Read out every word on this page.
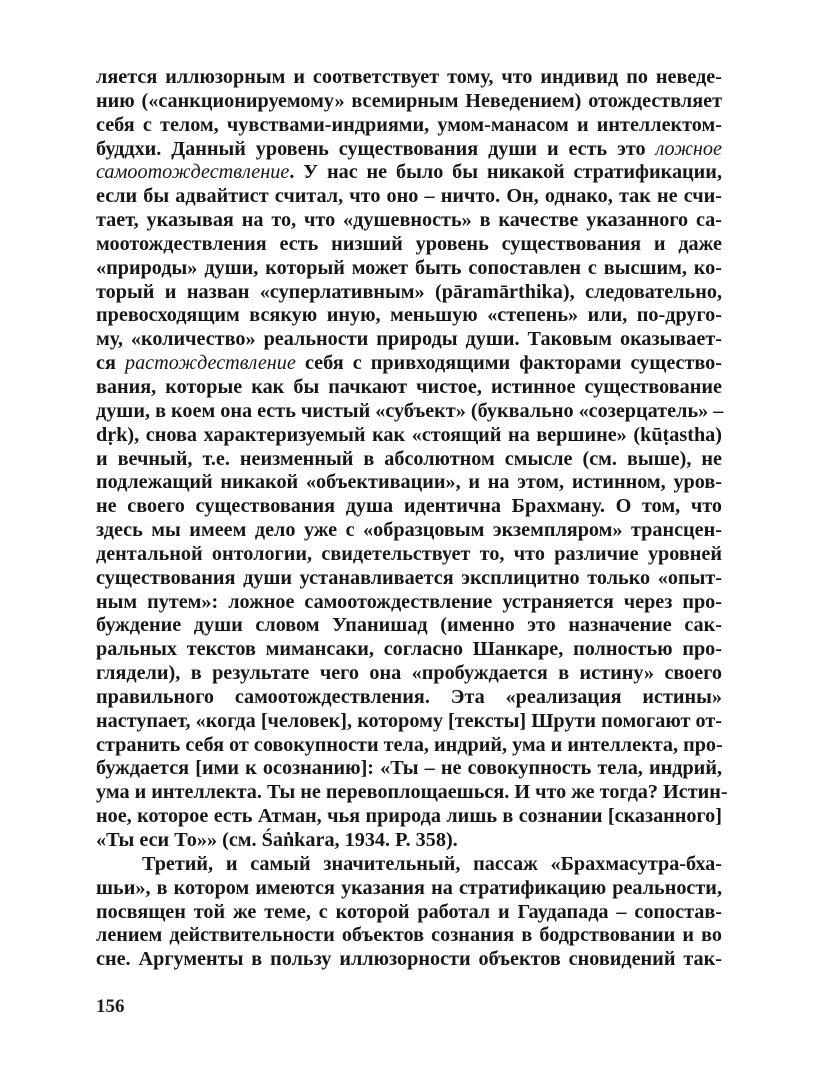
ляется иллюзорным и соответствует тому, что индивид по неведе-
нию («санкционируемому» всемирным Неведением) отождествляет
себя с телом, чувствами-индриями, умом-манасом и интеллектом-
буддхи. Данный уровень существования души и есть это ложное
самоотождествление. У нас не было бы никакой стратификации,
если бы адвайтист считал, что оно – ничто. Он, однако, так не счи-
тает, указывая на то, что «душевность» в качестве указанного са-
моотождествления есть низший уровень существования и даже
«природы» души, который может быть сопоставлен с высшим, ко-
торый и назван «суперлативным» (pāramārthika), следовательно,
превосходящим всякую иную, меньшую «степень» или, по-друго-
му, «количество» реальности природы души. Таковым оказывает-
ся растождествление себя с привходящими факторами существо-
вания, которые как бы пачкают чистое, истинное существование
души, в коем она есть чистый «субъект» (буквально «созерцатель» –
dṛk), снова характеризуемый как «стоящий на вершине» (kūṭastha)
и вечный, т.е. неизменный в абсолютном смысле (см. выше), не
подлежащий никакой «объективации», и на этом, истинном, уров-
не своего существования душа идентична Брахману. О том, что
здесь мы имеем дело уже с «образцовым экземпляром» трансцен-
дентальной онтологии, свидетельствует то, что различие уровней
существования души устанавливается эксплицитно только «опыт-
ным путем»: ложное самоотождествление устраняется через про-
буждение души словом Упанишад (именно это назначение сак-
ральных текстов мимансаки, согласно Шанкаре, полностью про-
глядели), в результате чего она «пробуждается в истину» своего
правильного самоотождествления. Эта «реализация истины»
наступает, «когда [человек], которому [тексты] Шрути помогают от-
странить себя от совокупности тела, индрий, ума и интеллекта, про-
буждается [ими к осознанию]: «Ты – не совокупность тела, индрий,
ума и интеллекта. Ты не перевоплощаешься. И что же тогда? Истин-
ное, которое есть Атман, чья природа лишь в сознании [сказанного]
«Ты еси То»» (см. Śaṅkara, 1934. P. 358).
Третий, и самый значительный, пассаж «Брахмасутра-бха-
шьи», в котором имеются указания на стратификацию реальности,
посвящен той же теме, с которой работал и Гаудапада – сопостав-
лением действительности объектов сознания в бодрствовании и во
сне. Аргументы в пользу иллюзорности объектов сновидений так-
156
